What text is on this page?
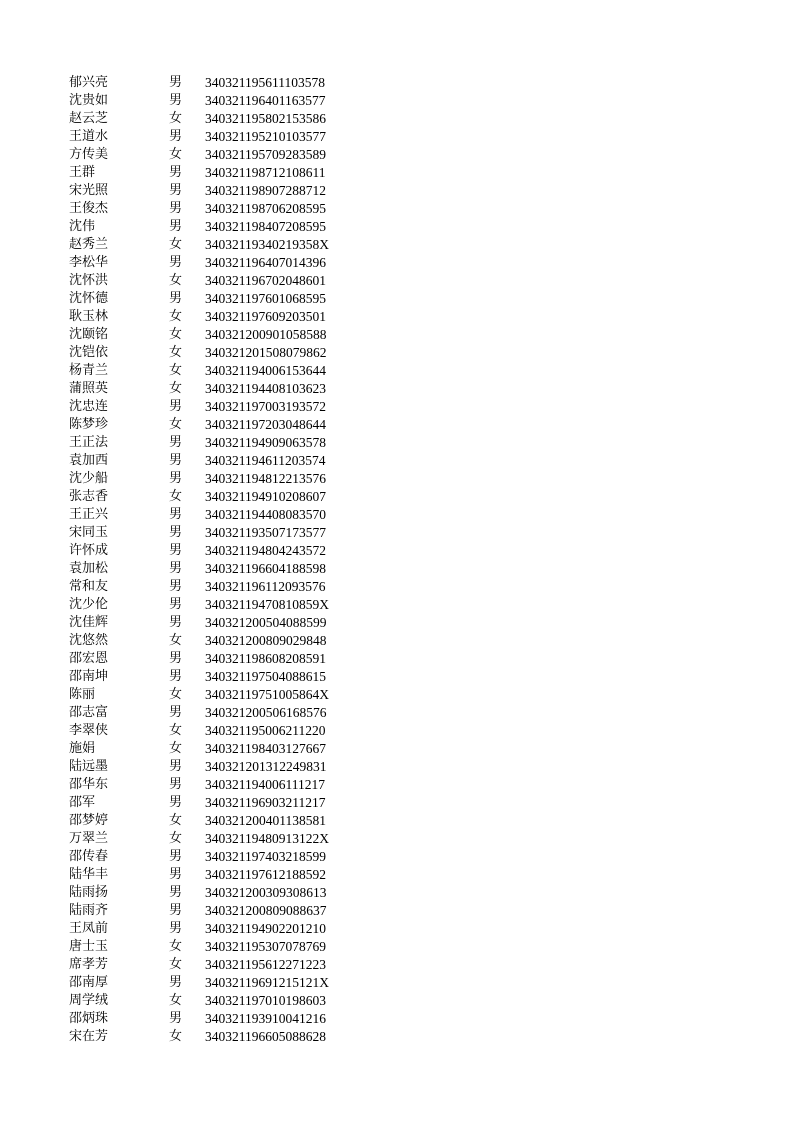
郁兴亮	男	340321195611103578
沈贵如	男	340321196401163577
赵云芝	女	340321195802153586
王道水	男	340321195210103577
方传美	女	340321195709283589
王群	男	340321198712108611
宋光照	男	340321198907288712
王俊杰	男	340321198706208595
沈伟	男	340321198407208595
赵秀兰	女	34032119340219358X
李松华	男	340321196407014396
沈怀洪	女	340321196702048601
沈怀德	男	340321197601068595
耿玉林	女	340321197609203501
沈颐铭	女	340321200901058588
沈铠依	女	340321201508079862
杨青兰	女	340321194006153644
蒲照英	女	340321194408103623
沈忠连	男	340321197003193572
陈梦珍	女	340321197203048644
王正法	男	340321194909063578
袁加西	男	340321194611203574
沈少船	男	340321194812213576
张志香	女	340321194910208607
王正兴	男	340321194408083570
宋同玉	男	340321193507173577
许怀成	男	340321194804243572
袁加松	男	340321196604188598
常和友	男	340321196112093576
沈少伦	男	34032119470810859X
沈佳辉	男	340321200504088599
沈悠然	女	340321200809029848
邵宏恩	男	340321198608208591
邵南坤	男	340321197504088615
陈丽	女	34032119751005864X
邵志富	男	340321200506168576
李翠侠	女	340321195006211220
施娟	女	340321198403127667
陆远墨	男	340321201312249831
邵华东	男	340321194006111217
邵军	男	340321196903211217
邵梦婷	女	340321200401138581
万翠兰	女	34032119480913122X
邵传春	男	340321197403218599
陆华丰	男	340321197612188592
陆雨扬	男	340321200309308613
陆雨齐	男	340321200809088637
王凤前	男	340321194902201210
唐士玉	女	340321195307078769
席孝芳	女	340321195612271223
邵南厚	男	34032119691215121X
周学绒	女	340321197010198603
邵炳珠	男	340321193910041216
宋在芳	女	340321196605088628
